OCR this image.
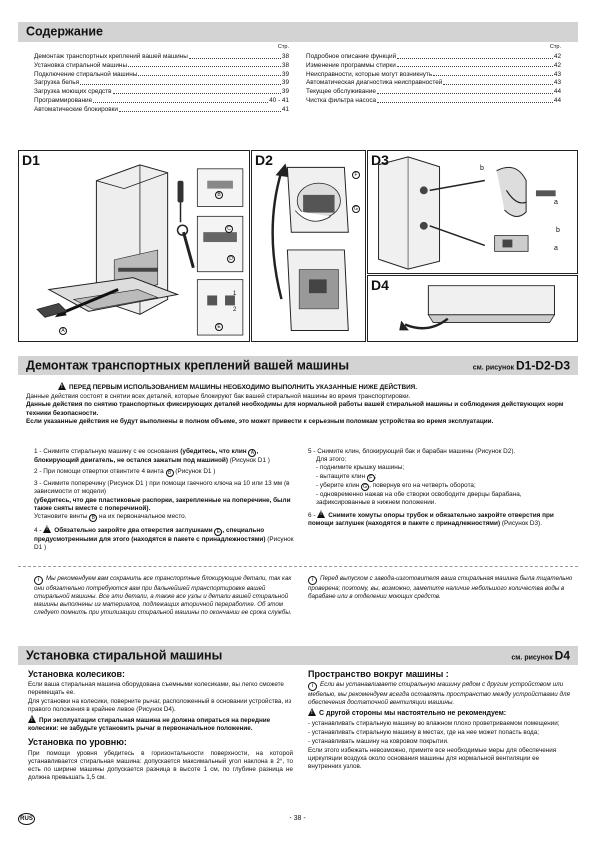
Содержание
Стр.
Демонтаж транспортных креплений вашей машины	38
Установка стиральной машины	38
Подключение стиральной машины	39
Загрузка белья	39
Загрузка моющих средств	39
Программирование	40 - 41
Автоматические блокировки	41
Стр.
Подробное описание функций	42
Изменение программы стирки	42
Неисправности, которые могут возникнуть	43
Автоматическая диагностика неисправностей	43
Текущее обслуживание	44
Чистка фильтра насоса	44
D1
A
B
C
D
E
1
2
D2
F
G
D3
b
a
b
a
D4
Демонтаж транспортных креплений вашей машины	см. рисунок D1-D2-D3

!ПЕРЕД ПЕРВЫМ ИСПОЛЬЗОВАНИЕМ МАШИНЫ НЕОБХОДИМО ВЫПОЛНИТЬ УКАЗАННЫЕ НИЖЕ ДЕЙСТВИЯ.

Данные действия состоят в снятии всех деталей, которые блокируют бак вашей стиральной машины во время транспортировки.

Данные действия по снятию транспортных фиксирующих деталей необходимы для нормальной работы вашей стиральной машины и соблюдения действующих норм техники безопасности.

Если указанные действия не будут выполнены в полном объеме, это может привести к серьезным поломкам устройства во время эксплуатации.

1 - Снимите стиральную машину с ее основания (убедитесь, что клин A , блокирующий двигатель, не остался зажатым под машиной) (Рисунок D1 )
2 - При помощи отвертки отвинтите 4 винта B (Рисунок D1 )
3 - Снимите поперечину (Рисунок D1 ) при помощи гаечного ключа на 10 или 13 мм (в зависимости от модели)
(убедитесь, что две пластиковые распорки, закрепленные на поперечине, были также сняты вместе с поперечиной).
Установите винты B на их первоначальное место.
4 - !Обязательно закройте два отверстия заглушками E , специально предусмотренными для этого (находятся в пакете с принадлежностями) (Рисунок D1 )
5 - Снимите клин, блокирующий бак и барабан машины (Рисунок D2).
Для этого:
- поднимите крышку машины;
- вытащите клин F ;
- уберите клин G , повернув его на четверть оборота;
- одновременно нажав на обе створки освободите дверцы барабана, зафиксированные в нижнем положении.
6 - !Снимите хомуты опоры трубок и обязательно закройте отверстия при помощи заглушек (находятся в пакете с принадлежностями) (Рисунок D3).
i Мы рекомендуем вам сохранить все транспортные блокирующие детали, так как они обязательно потребуются вам при дальнейшей транспортировке вашей стиральной машины. Все эти детали, а также все узлы и детали вашей стиральной машины выполнены из материалов, подлежащих вторичной переработке. Об этом следует помнить при утилизации стиральной машины по окончании ее срока службы.
i Перед выпуском с завода-изготовителя ваша стиральная машина была тщательно проверена; поэтому, вы, возможно, заметите наличие небольшого количества воды в барабане или в отделении моющих средств.
Установка стиральной машины	см. рисунок D4
Установка колесиков:

Если ваша стиральная машина оборудована съемными колесиками, вы легко сможете перемещать ее.

Для установки на колесики, поверните рычаг, расположенный в основании устройства, из правого положения в крайнее левое (Рисунок D4).

!При эксплуатации стиральная машина не должна опираться на передние колесики: не забудьте установить рычаг в первоначальное положение.

Установка по уровню:

При помощи уровня убедитесь в горизонтальности поверхности, на которой устанавливается стиральная машина: допускается максимальный угол наклона в 2°, то есть по ширине машины допускается разница в высоте 1 см, по глубине разница не должна превышать 1,5 см.

Пространство вокруг машины :

i Если вы устанавливаете стиральную машину рядом с другим устройством или мебелью, мы рекомендуем всегда оставлять пространство между устройствами для обеспечения достаточной вентиляции машины.

!С другой стороны мы настоятельно не рекомендуем:

- устанавливать стиральную машину во влажном плохо проветриваемом помещении;

- устанавливать стиральную машину в местах, где на нее может попасть вода;

- устанавливать машину на ковровом покрытии.

Если этого избежать невозможно, примите все необходимые меры для обеспечения циркуляции воздуха около основания машины для нормальной вентиляции ее внутренних узлов.

RUS	- 38 -
